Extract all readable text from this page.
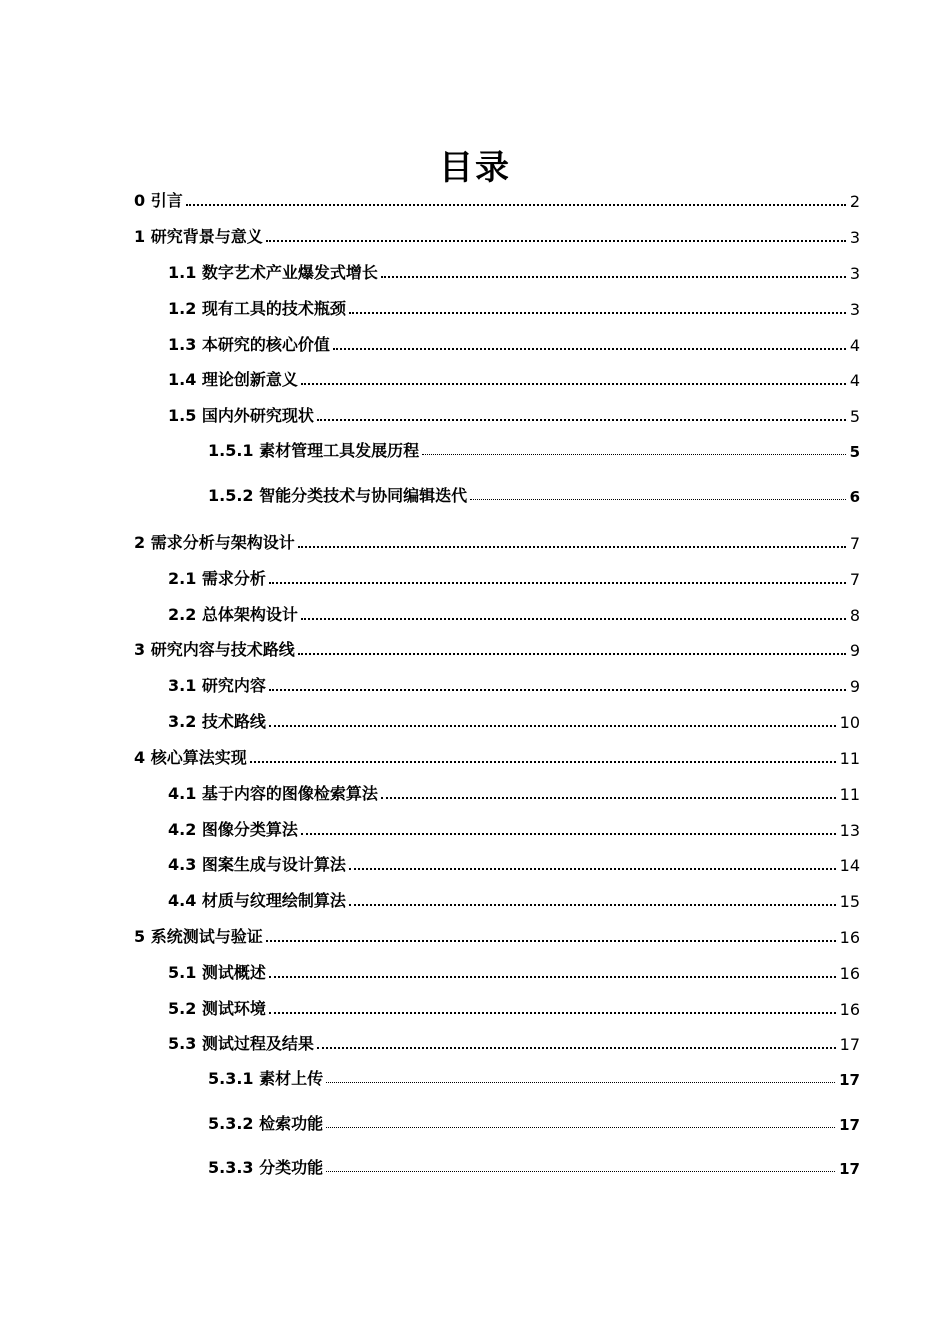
目录
0 引言	2
1 研究背景与意义	3
1.1 数字艺术产业爆发式增长	3
1.2 现有工具的技术瓶颈	3
1.3 本研究的核心价值	4
1.4 理论创新意义	4
1.5 国内外研究现状	5
1.5.1 素材管理工具发展历程	5
1.5.2 智能分类技术与协同编辑迭代	6
2 需求分析与架构设计	7
2.1 需求分析	7
2.2 总体架构设计	8
3 研究内容与技术路线	9
3.1 研究内容	9
3.2 技术路线	10
4 核心算法实现	11
4.1 基于内容的图像检索算法	11
4.2 图像分类算法	13
4.3 图案生成与设计算法	14
4.4 材质与纹理绘制算法	15
5 系统测试与验证	16
5.1 测试概述	16
5.2 测试环境	16
5.3 测试过程及结果	17
5.3.1 素材上传	17
5.3.2 检索功能	17
5.3.3 分类功能	17
